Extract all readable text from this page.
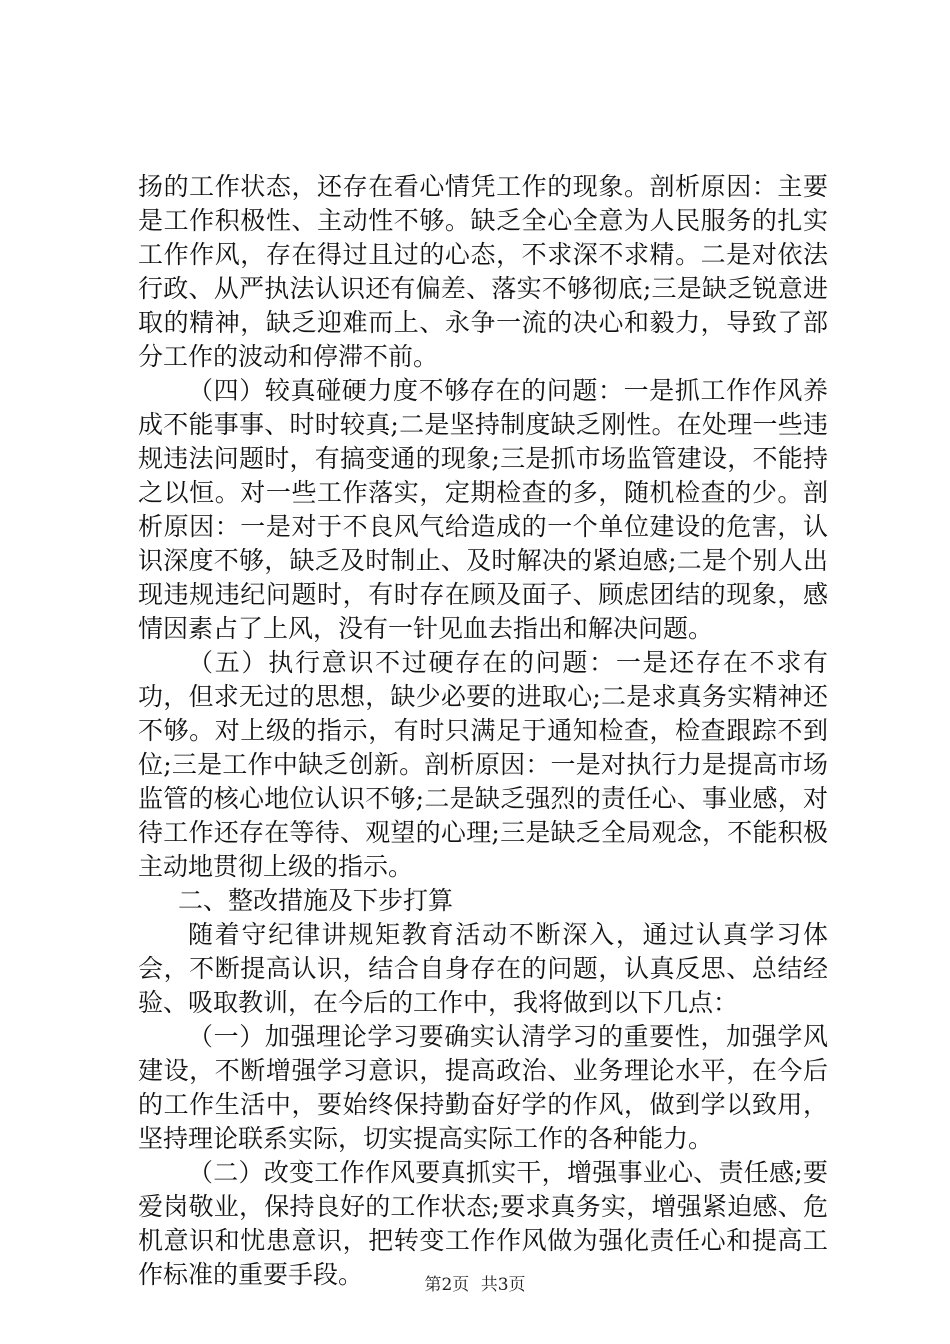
扬的工作状态，还存在看心情凭工作的现象。剖析原因：主要是工作积极性、主动性不够。缺乏全心全意为人民服务的扎实工作作风，存在得过且过的心态，不求深不求精。二是对依法行政、从严执法认识还有偏差、落实不够彻底;三是缺乏锐意进取的精神，缺乏迎难而上、永争一流的决心和毅力，导致了部分工作的波动和停滞不前。

（四）较真碰硬力度不够存在的问题：一是抓工作作风养成不能事事、时时较真;二是坚持制度缺乏刚性。在处理一些违规违法问题时，有搞变通的现象;三是抓市场监管建设，不能持之以恒。对一些工作落实，定期检查的多，随机检查的少。剖析原因：一是对于不良风气给造成的一个单位建设的危害，认识深度不够，缺乏及时制止、及时解决的紧迫感;二是个别人出现违规违纪问题时，有时存在顾及面子、顾虑团结的现象，感情因素占了上风，没有一针见血去指出和解决问题。

（五）执行意识不过硬存在的问题：一是还存在不求有功，但求无过的思想，缺少必要的进取心;二是求真务实精神还不够。对上级的指示，有时只满足于通知检查，检查跟踪不到位;三是工作中缺乏创新。剖析原因：一是对执行力是提高市场监管的核心地位认识不够;二是缺乏强烈的责任心、事业感，对待工作还存在等待、观望的心理;三是缺乏全局观念，不能积极主动地贯彻上级的指示。

二、整改措施及下步打算

随着守纪律讲规矩教育活动不断深入，通过认真学习体会，不断提高认识，结合自身存在的问题，认真反思、总结经验、吸取教训，在今后的工作中，我将做到以下几点：

（一）加强理论学习要确实认清学习的重要性，加强学风建设，不断增强学习意识，提高政治、业务理论水平，在今后的工作生活中，要始终保持勤奋好学的作风，做到学以致用，坚持理论联系实际，切实提高实际工作的各种能力。

（二）改变工作作风要真抓实干，增强事业心、责任感;要爱岗敬业，保持良好的工作状态;要求真务实，增强紧迫感、危机意识和忧患意识，把转变工作作风做为强化责任心和提高工作标准的重要手段。	第2页 共3页
